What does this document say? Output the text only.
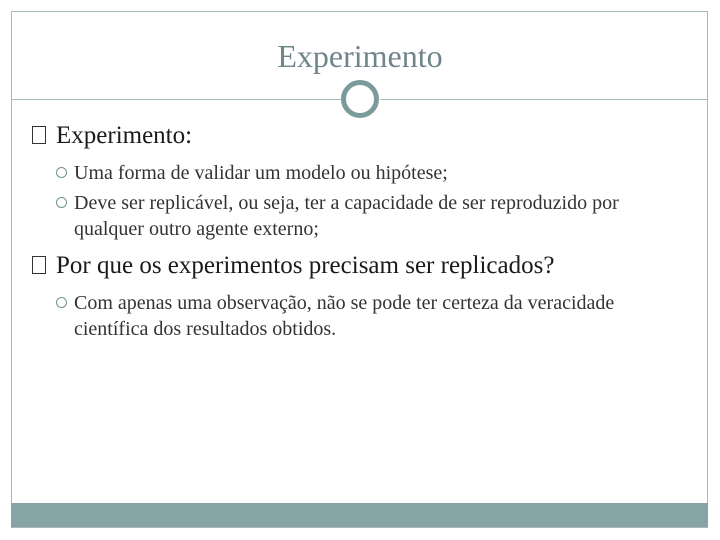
Experimento

Experimento:

Uma forma de validar um modelo ou hipótese;

Deve ser replicável, ou seja, ter a capacidade de ser reproduzido por qualquer outro agente externo;

Por que os experimentos precisam ser replicados?

Com apenas uma observação, não se pode ter certeza da veracidade científica dos resultados obtidos.
